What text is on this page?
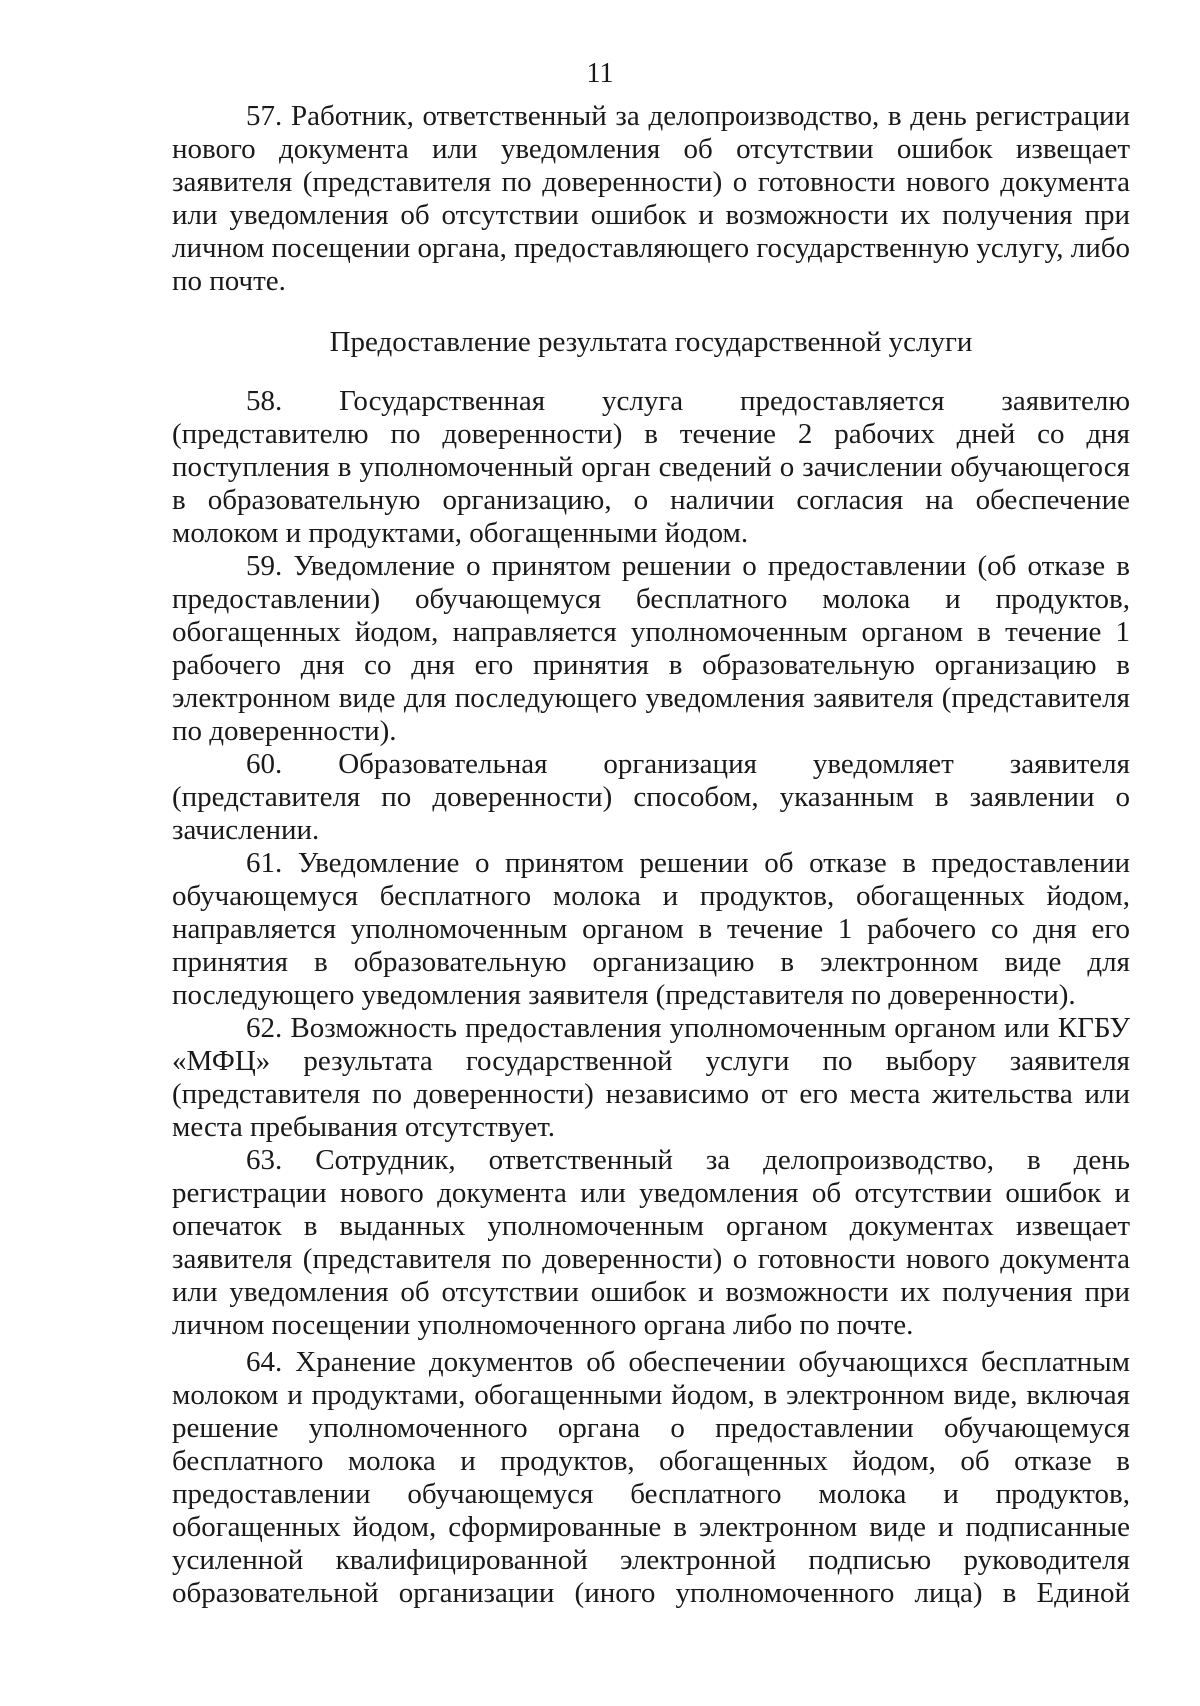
11

57. Работник, ответственный за делопроизводство, в день регистрации нового документа или уведомления об отсутствии ошибок извещает заявителя (представителя по доверенности) о готовности нового документа или уведомления об отсутствии ошибок и возможности их получения при личном посещении органа, предоставляющего государственную услугу, либо по почте.

Предоставление результата государственной услуги

58. Государственная услуга предоставляется заявителю (представителю по доверенности) в течение 2 рабочих дней со дня поступления в уполномоченный орган сведений о зачислении обучающегося в образовательную организацию, о наличии согласия на обеспечение молоком и продуктами, обогащенными йодом.

59. Уведомление о принятом решении о предоставлении (об отказе в предоставлении) обучающемуся бесплатного молока и продуктов, обогащенных йодом, направляется уполномоченным органом в течение 1 рабочего дня со дня его принятия в образовательную организацию в электронном виде для последующего уведомления заявителя (представителя по доверенности).

60. Образовательная организация уведомляет заявителя (представителя по доверенности) способом, указанным в заявлении о зачислении.

61. Уведомление о принятом решении об отказе в предоставлении обучающемуся бесплатного молока и продуктов, обогащенных йодом, направляется уполномоченным органом в течение 1 рабочего со дня его принятия в образовательную организацию в электронном виде для последующего уведомления заявителя (представителя по доверенности).

62. Возможность предоставления уполномоченным органом или КГБУ «МФЦ» результата государственной услуги по выбору заявителя (представителя по доверенности) независимо от его места жительства или места пребывания отсутствует.

63. Сотрудник, ответственный за делопроизводство, в день регистрации нового документа или уведомления об отсутствии ошибок и опечаток в выданных уполномоченным органом документах извещает заявителя (представителя по доверенности) о готовности нового документа или уведомления об отсутствии ошибок и возможности их получения при личном посещении уполномоченного органа либо по почте.

64. Хранение документов об обеспечении обучающихся бесплатным молоком и продуктами, обогащенными йодом, в электронном виде, включая решение уполномоченного органа о предоставлении обучающемуся бесплатного молока и продуктов, обогащенных йодом, об отказе в предоставлении обучающемуся бесплатного молока и продуктов, обогащенных йодом, сформированные в электронном виде и подписанные усиленной квалифицированной электронной подписью руководителя образовательной организации (иного уполномоченного лица) в Единой
